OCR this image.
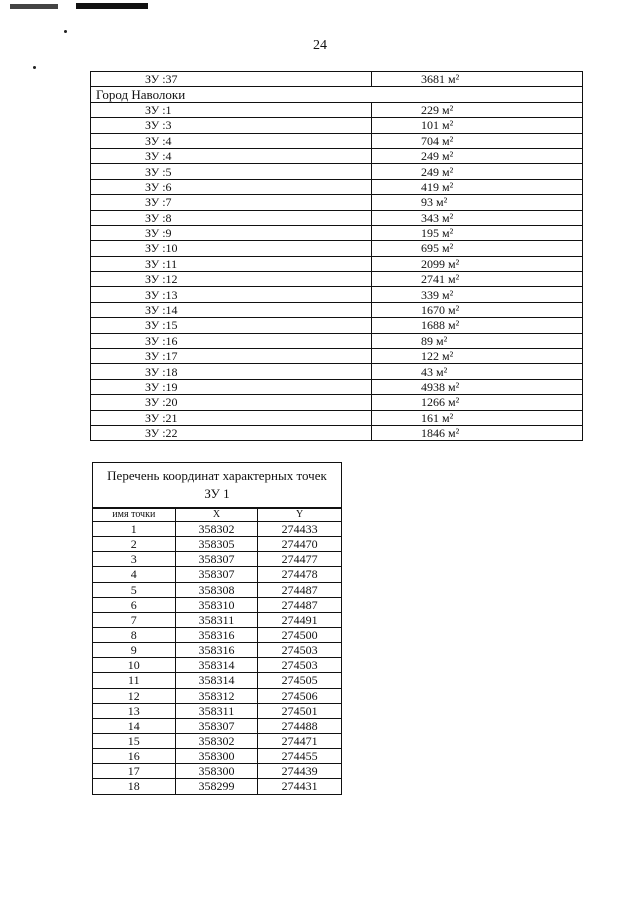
24
ЗУ :37	3681 м²
Город Наволоки	
ЗУ :1	229 м²
ЗУ :3	101 м²
ЗУ :4	704 м²
ЗУ :4	249 м²
ЗУ :5	249 м²
ЗУ :6	419 м²
ЗУ :7	93 м²
ЗУ :8	343 м²
ЗУ :9	195 м²
ЗУ :10	695 м²
ЗУ :11	2099 м²
ЗУ :12	2741 м²
ЗУ :13	339 м²
ЗУ :14	1670 м²
ЗУ :15	1688 м²
ЗУ :16	89 м²
ЗУ :17	122 м²
ЗУ :18	43 м²
ЗУ :19	4938 м²
ЗУ :20	1266 м²
ЗУ :21	161 м²
ЗУ :22	1846 м²
Перечень координат характерных точек
ЗУ 1		
имя точки	X	Y
1	358302	274433
2	358305	274470
3	358307	274477
4	358307	274478
5	358308	274487
6	358310	274487
7	358311	274491
8	358316	274500
9	358316	274503
10	358314	274503
11	358314	274505
12	358312	274506
13	358311	274501
14	358307	274488
15	358302	274471
16	358300	274455
17	358300	274439
18	358299	274431
